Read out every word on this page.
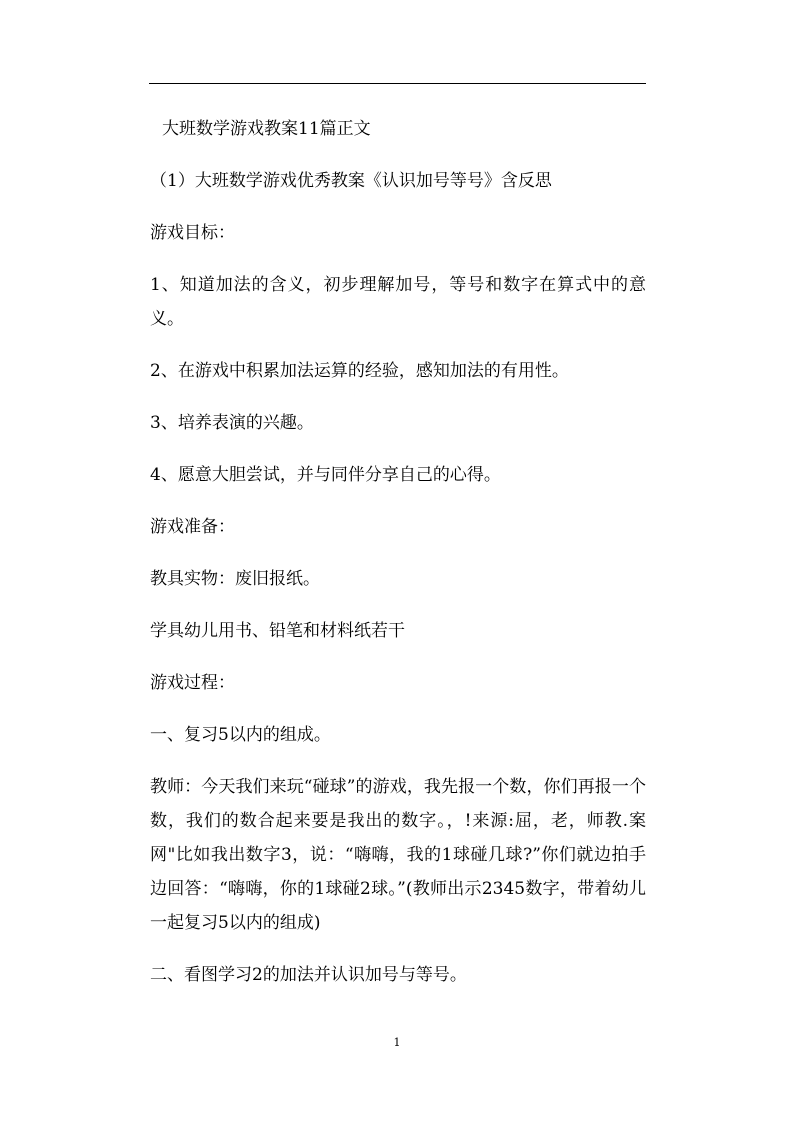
大班数学游戏教案11篇正文

（1）大班数学游戏优秀教案《认识加号等号》含反思

游戏目标：

1、知道加法的含义，初步理解加号，等号和数字在算式中的意义。

2、在游戏中积累加法运算的经验，感知加法的有用性。

3、培养表演的兴趣。

4、愿意大胆尝试，并与同伴分享自己的心得。

游戏准备：

教具实物：废旧报纸。

学具幼儿用书、铅笔和材料纸若干

游戏过程：

一、复习5以内的组成。

教师：今天我们来玩“碰球”的游戏，我先报一个数，你们再报一个数，我们的数合起来要是我出的数字。，!来源:屈，老，师教.案网"比如我出数字3，说：“嗨嗨，我的1球碰几球?”你们就边拍手边回答：“嗨嗨，你的1球碰2球。”(教师出示2345数字，带着幼儿一起复习5以内的组成)

二、看图学习2的加法并认识加号与等号。

1
